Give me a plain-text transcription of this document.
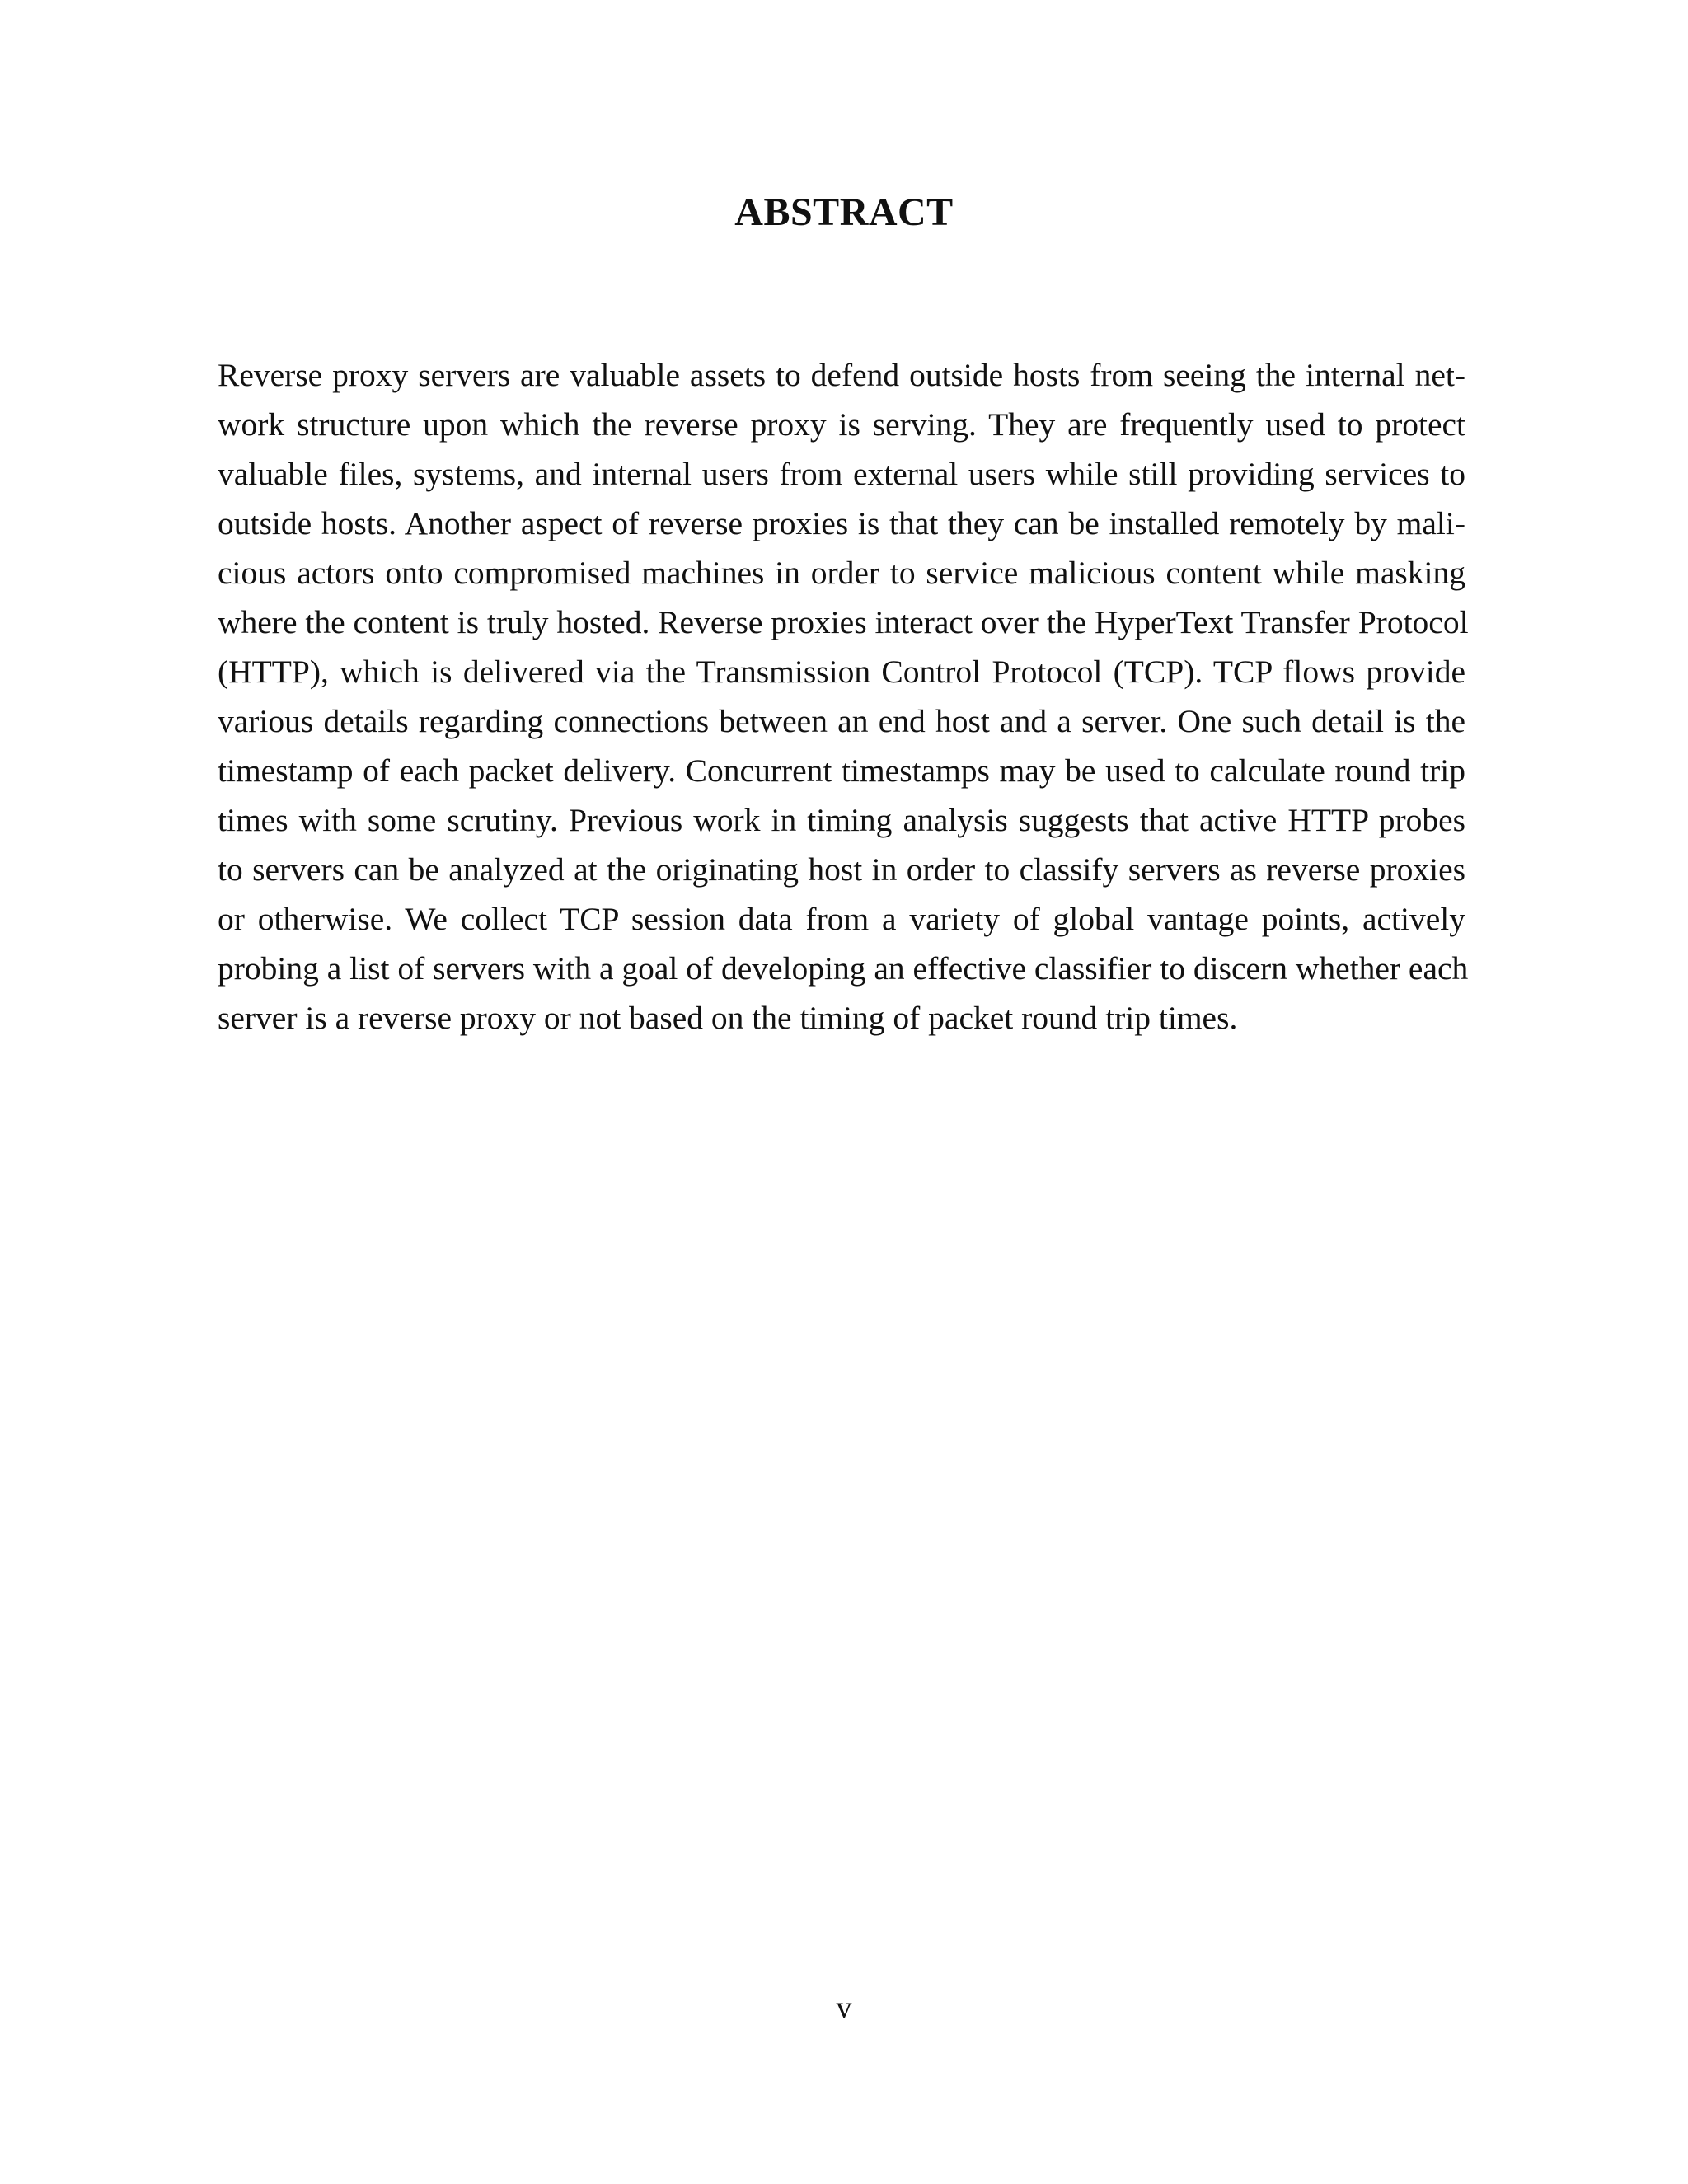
ABSTRACT
Reverse proxy servers are valuable assets to defend outside hosts from seeing the internal net-
work structure upon which the reverse proxy is serving. They are frequently used to protect
valuable files, systems, and internal users from external users while still providing services to
outside hosts. Another aspect of reverse proxies is that they can be installed remotely by mali-
cious actors onto compromised machines in order to service malicious content while masking
where the content is truly hosted. Reverse proxies interact over the HyperText Transfer Protocol
(HTTP), which is delivered via the Transmission Control Protocol (TCP). TCP flows provide
various details regarding connections between an end host and a server. One such detail is the
timestamp of each packet delivery. Concurrent timestamps may be used to calculate round trip
times with some scrutiny. Previous work in timing analysis suggests that active HTTP probes
to servers can be analyzed at the originating host in order to classify servers as reverse proxies
or otherwise. We collect TCP session data from a variety of global vantage points, actively
probing a list of servers with a goal of developing an effective classifier to discern whether each
server is a reverse proxy or not based on the timing of packet round trip times.
v
